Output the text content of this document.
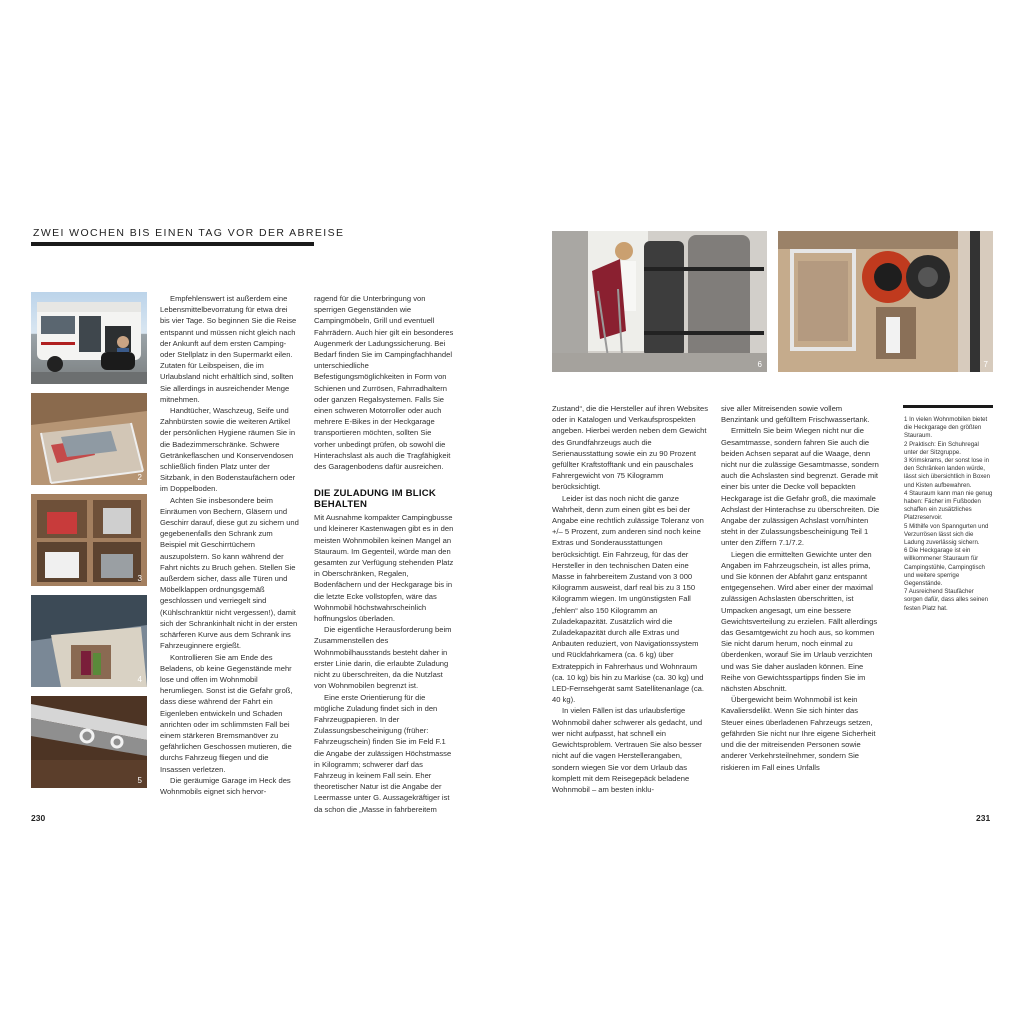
ZWEI WOCHEN BIS EINEN TAG VOR DER ABREISE
2
3
4
5

Empfehlenswert ist außerdem eine Lebensmittelbevorratung für etwa drei bis vier Tage. So beginnen Sie die Reise entspannt und müssen nicht gleich nach der Ankunft auf dem ersten Camping- oder Stellplatz in den Supermarkt eilen. Zutaten für Leibspeisen, die im Urlaubsland nicht erhältlich sind, sollten Sie allerdings in ausreichender Menge mitnehmen.

Handtücher, Waschzeug, Seife und Zahnbürsten sowie die weiteren Artikel der persönlichen Hygiene räumen Sie in die Badezimmerschränke. Schwere Getränkeflaschen und Konservendosen schließlich finden Platz unter der Sitzbank, in den Bodenstaufächern oder im Doppelboden.

Achten Sie insbesondere beim Einräumen von Bechern, Gläsern und Geschirr darauf, diese gut zu sichern und gegebenenfalls den Schrank zum Beispiel mit Geschirrtüchern auszupolstern. So kann während der Fahrt nichts zu Bruch gehen. Stellen Sie außerdem sicher, dass alle Türen und Möbelklappen ordnungsgemäß geschlossen und verriegelt sind (Kühlschranktür nicht vergessen!), damit sich der Schrankinhalt nicht in der ersten schärferen Kurve aus dem Schrank ins Fahrzeuginnere ergießt.

Kontrollieren Sie am Ende des Beladens, ob keine Gegenstände mehr lose und offen im Wohnmobil herumliegen. Sonst ist die Gefahr groß, dass diese während der Fahrt ein Eigenleben entwickeln und Schaden anrichten oder im schlimmsten Fall bei einem stärkeren Bremsmanöver zu gefährlichen Geschossen mutieren, die durchs Fahrzeug fliegen und die Insassen verletzen.

Die geräumige Garage im Heck des Wohnmobils eignet sich hervor-

ragend für die Unterbringung von sperrigen Gegenständen wie Campingmöbeln, Grill und eventuell Fahrrädern. Auch hier gilt ein besonderes Augenmerk der Ladungssicherung. Bei Bedarf finden Sie im Campingfachhandel unterschiedliche Befestigungsmöglichkeiten in Form von Schienen und Zurrösen, Fahrradhaltern oder ganzen Regalsystemen. Falls Sie einen schweren Motorroller oder auch mehrere E-Bikes in der Heckgarage transportieren möchten, sollten Sie vorher unbedingt prüfen, ob sowohl die Hinterachslast als auch die Tragfähigkeit des Garagenbodens dafür ausreichen.

DIE ZULADUNG IM BLICK BEHALTEN

Mit Ausnahme kompakter Campingbusse und kleinerer Kastenwagen gibt es in den meisten Wohnmobilen keinen Mangel an Stauraum. Im Gegenteil, würde man den gesamten zur Verfügung stehenden Platz in Oberschränken, Regalen, Bodenfächern und der Heckgarage bis in die letzte Ecke vollstopfen, wäre das Wohnmobil höchstwahrscheinlich hoffnungslos überladen.

Die eigentliche Herausforderung beim Zusammenstellen des Wohnmobilhausstands besteht daher in erster Linie darin, die erlaubte Zuladung nicht zu überschreiten, da die Nutzlast von Wohnmobilen begrenzt ist.

Eine erste Orientierung für die mögliche Zuladung findet sich in den Fahrzeugpapieren. In der Zulassungsbescheinigung (früher: Fahrzeugschein) finden Sie im Feld F.1 die Angabe der zulässigen Höchstmasse in Kilogramm; schwerer darf das Fahrzeug in keinem Fall sein. Eher theoretischer Natur ist die Angabe der Leermasse unter G. Aussagekräftiger ist da schon die „Masse in fahrbereitem

6	7

Zustand“, die die Hersteller auf ihren Websites oder in Katalogen und Verkaufsprospekten angeben. Hierbei werden neben dem Gewicht des Grundfahrzeugs auch die Serienausstattung sowie ein zu 90 Prozent gefüllter Kraftstofftank und ein pauschales Fahrergewicht von 75 Kilogramm berücksichtigt.

Leider ist das noch nicht die ganze Wahrheit, denn zum einen gibt es bei der Angabe eine rechtlich zulässige Toleranz von +/– 5 Prozent, zum anderen sind noch keine Extras und Sonderausstattungen berücksichtigt. Ein Fahrzeug, für das der Hersteller in den technischen Daten eine Masse in fahrbereitem Zustand von 3 000 Kilogramm ausweist, darf real bis zu 3 150 Kilogramm wiegen. Im ungünstigsten Fall „fehlen“ also 150 Kilogramm an Zuladekapazität. Zusätzlich wird die Zuladekapazität durch alle Extras und Anbauten reduziert, von Navigationssystem und Rückfahrkamera (ca. 6 kg) über Extrateppich in Fahrerhaus und Wohnraum (ca. 10 kg) bis hin zu Markise (ca. 30 kg) und LED-Fernsehgerät samt Satellitenanlage (ca. 40 kg).

In vielen Fällen ist das urlaubsfertige Wohnmobil daher schwerer als gedacht, und wer nicht aufpasst, hat schnell ein Gewichtsproblem. Vertrauen Sie also besser nicht auf die vagen Herstellerangaben, sondern wiegen Sie vor dem Urlaub das komplett mit dem Reisegepäck beladene Wohnmobil – am besten inklu-

sive aller Mitreisenden sowie vollem Benzintank und gefülltem Frischwassertank.

Ermitteln Sie beim Wiegen nicht nur die Gesamtmasse, sondern fahren Sie auch die beiden Achsen separat auf die Waage, denn nicht nur die zulässige Gesamtmasse, sondern auch die Achslasten sind begrenzt. Gerade mit einer bis unter die Decke voll bepackten Heckgarage ist die Gefahr groß, die maximale Achslast der Hinterachse zu überschreiten. Die Angabe der zulässigen Achslast vorn/hinten steht in der Zulassungsbescheinigung Teil 1 unter den Ziffern 7.1/7.2.

Liegen die ermittelten Gewichte unter den Angaben im Fahrzeugschein, ist alles prima, und Sie können der Abfahrt ganz entspannt entgegensehen. Wird aber einer der maximal zulässigen Achslasten überschritten, ist Umpacken angesagt, um eine bessere Gewichtsverteilung zu erzielen. Fällt allerdings das Gesamtgewicht zu hoch aus, so kommen Sie nicht darum herum, noch einmal zu überdenken, worauf Sie im Urlaub verzichten und was Sie daher ausladen können. Eine Reihe von Gewichtsspartipps finden Sie im nächsten Abschnitt.

Übergewicht beim Wohnmobil ist kein Kavaliersdelikt. Wenn Sie sich hinter das Steuer eines überladenen Fahrzeugs setzen, gefährden Sie nicht nur Ihre eigene Sicherheit und die der mitreisenden Personen sowie anderer Verkehrsteilnehmer, sondern Sie riskieren im Fall eines Unfalls

1 In vielen Wohnmobilen bietet die Heckgarage den größten Stauraum.
2 Praktisch: Ein Schuhregal unter der Sitzgruppe.
3 Krimskrams, der sonst lose in den Schränken landen würde, lässt sich übersichtlich in Boxen und Kisten aufbewahren.
4 Stauraum kann man nie genug haben: Fächer im Fußboden schaffen ein zusätzliches Platzreservoir.
5 Mithilfe von Spanngurten und Verzurrösen lässt sich die Ladung zuverlässig sichern.
6 Die Heckgarage ist ein willkommener Stauraum für Campingstühle, Campingtisch und weitere sperrige Gegenstände.
7 Ausreichend Staufächer sorgen dafür, dass alles seinen festen Platz hat.
230	231
